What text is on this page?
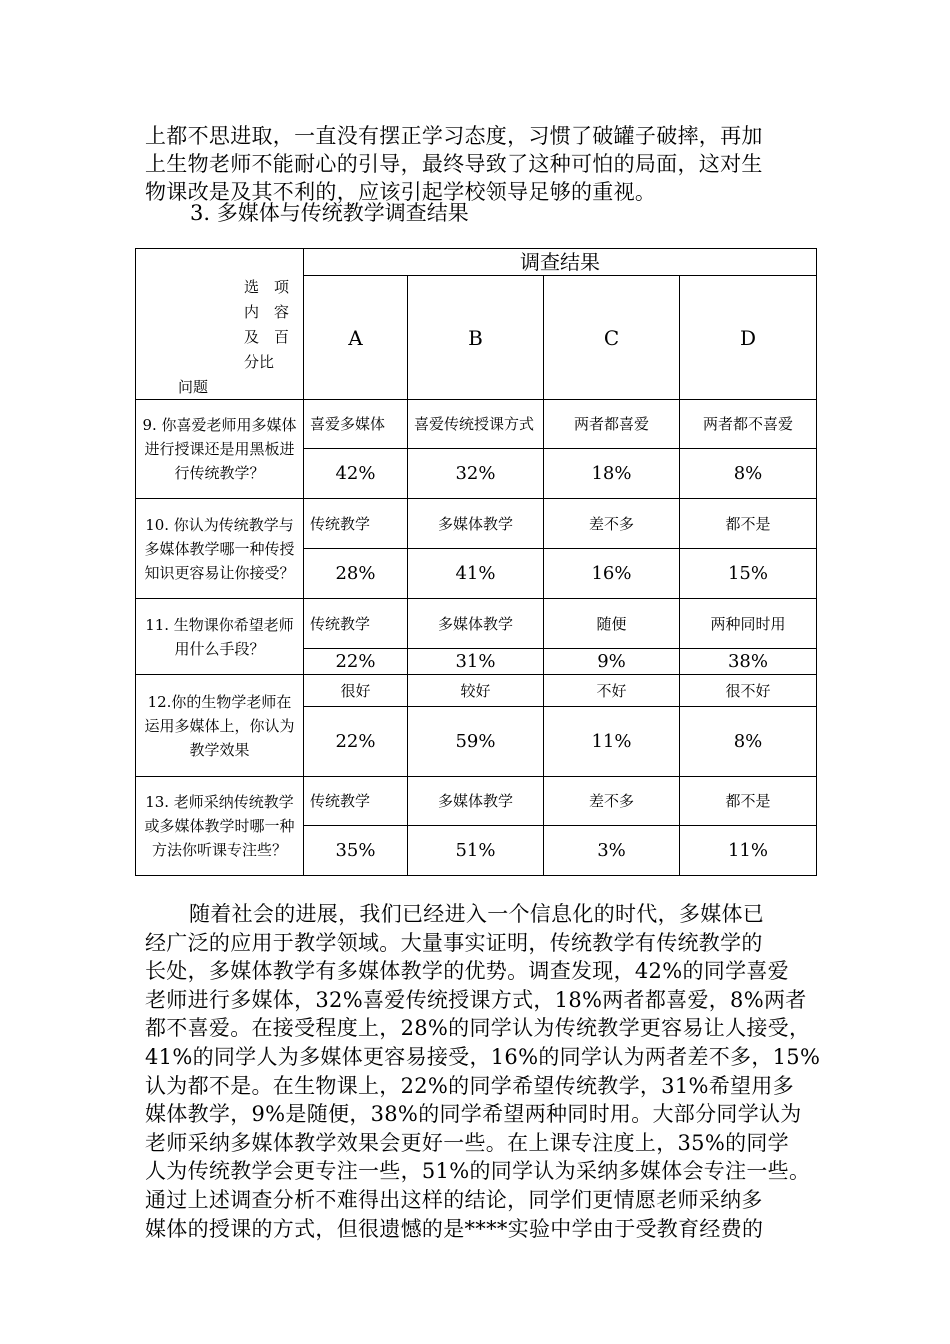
上都不思进取，一直没有摆正学习态度，习惯了破罐子破摔，再加
上生物老师不能耐心的引导，最终导致了这种可怕的局面，这对生
物课改是及其不利的，应该引起学校领导足够的重视。

3. 多媒体与传统教学调查结果

选　项
内　容
及　百
分比
问题	调查结果			
	A	B	C	D
9. 你喜爱老师用多媒体进行授课还是用黑板进行传统教学？	喜爱多媒体	喜爱传统授课方式	两者都喜爱	两者都不喜爱
	42%	32%	18%	8%
10. 你认为传统教学与多媒体教学哪一种传授知识更容易让你接受？	传统教学	多媒体教学	差不多	都不是
	28%	41%	16%	15%
11. 生物课你希望老师用什么手段？	传统教学	多媒体教学	随便	两种同时用
	22%	31%	9%	38%
12.你的生物学老师在运用多媒体上，你认为教学效果	很好	较好	不好	很不好
	22%	59%	11%	8%
13. 老师采纳传统教学或多媒体教学时哪一种方法你听课专注些？	传统教学	多媒体教学	差不多	都不是
	35%	51%	3%	11%
随着社会的进展，我们已经进入一个信息化的时代，多媒体已
经广泛的应用于教学领域。大量事实证明，传统教学有传统教学的
长处，多媒体教学有多媒体教学的优势。调查发现，42%的同学喜爱
老师进行多媒体，32%喜爱传统授课方式，18%两者都喜爱，8%两者
都不喜爱。在接受程度上，28%的同学认为传统教学更容易让人接受，
41%的同学人为多媒体更容易接受，16%的同学认为两者差不多，15%
认为都不是。在生物课上，22%的同学希望传统教学，31%希望用多
媒体教学，9%是随便，38%的同学希望两种同时用。大部分同学认为
老师采纳多媒体教学效果会更好一些。在上课专注度上，35%的同学
人为传统教学会更专注一些，51%的同学认为采纳多媒体会专注一些。
通过上述调查分析不难得出这样的结论，同学们更情愿老师采纳多
媒体的授课的方式，但很遗憾的是****实验中学由于受教育经费的
